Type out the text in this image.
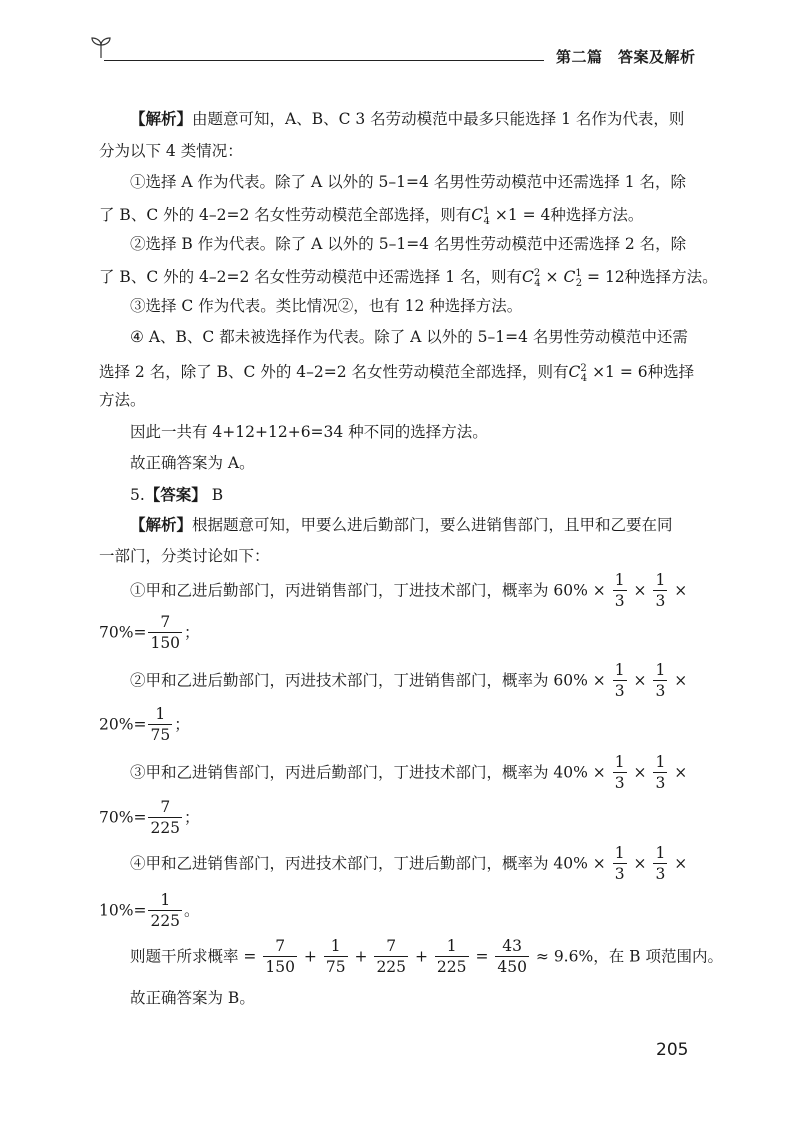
第二篇　答案及解析
【解析】由题意可知，A、B、C 3 名劳动模范中最多只能选择 1 名作为代表，则
分为以下 4 类情况：
①选择 A 作为代表。除了 A 以外的 5–1=4 名男性劳动模范中还需选择 1 名，除
了 B、C 外的 4–2=2 名女性劳动模范全部选择，则有$C^1_4 \times 1 = 4$种选择方法。
②选择 B 作为代表。除了 A 以外的 5–1=4 名男性劳动模范中还需选择 2 名，除
了 B、C 外的 4–2=2 名女性劳动模范中还需选择 1 名，则有$C^2_4 \times C^1_2 = 12$种选择方法。
③选择 C 作为代表。类比情况②，也有 12 种选择方法。
④ A、B、C 都未被选择作为代表。除了 A 以外的 5–1=4 名男性劳动模范中还需
选择 2 名，除了 B、C 外的 4–2=2 名女性劳动模范全部选择，则有$C^2_4 \times 1 = 6$种选择
方法。
因此一共有 4+12+12+6=34 种不同的选择方法。
故正确答案为 A。
5.【答案】 B
【解析】根据题意可知，甲要么进后勤部门，要么进销售部门，且甲和乙要在同
一部门，分类讨论如下：
①甲和乙进后勤部门，丙进销售部门，丁进技术部门，概率为 $60\% \times \frac{1}{3} \times \frac{1}{3}$ ×
$70\%= \frac{7}{150}$ ；
②甲和乙进后勤部门，丙进技术部门，丁进销售部门，概率为 $60\% \times \frac{1}{3} \times \frac{1}{3}$ ×
$20\%= \frac{1}{75}$ ；
③甲和乙进销售部门，丙进后勤部门，丁进技术部门，概率为 $40\% \times \frac{1}{3} \times \frac{1}{3}$ ×
$70\%= \frac{7}{225}$ ；
④甲和乙进销售部门，丙进技术部门，丁进后勤部门，概率为 $40\% \times \frac{1}{3} \times \frac{1}{3}$ ×
$10\%= \frac{1}{225}$ 。
则题干所求概率 = $\frac{7}{150} + \frac{1}{75} + \frac{7}{225} + \frac{1}{225} = \frac{43}{450} \approx 9.6\%$，在 B 项范围内。
故正确答案为 B。
205
